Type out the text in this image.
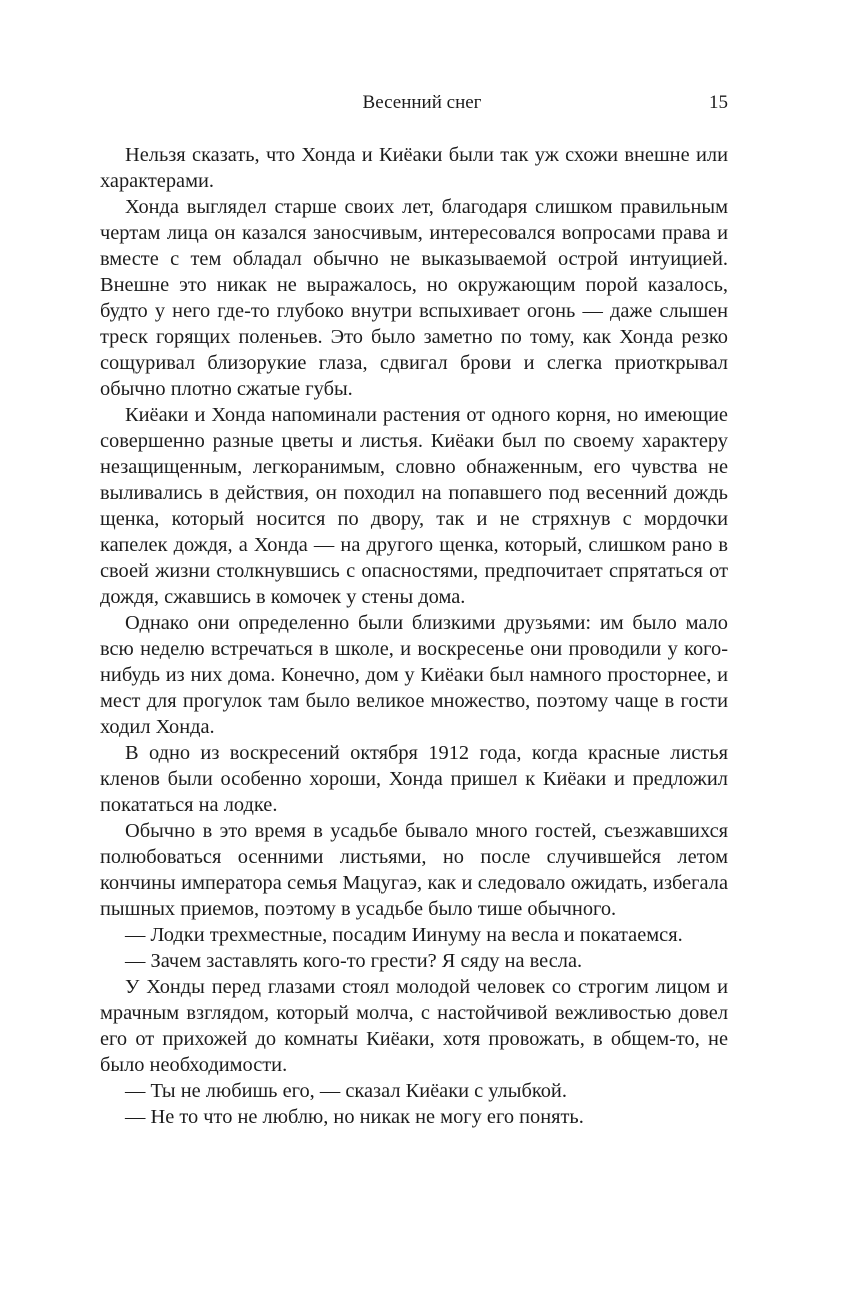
Весенний снег	15

Нельзя сказать, что Хонда и Киёаки были так уж схожи внешне или характерами.

Хонда выглядел старше своих лет, благодаря слишком правильным чертам лица он казался заносчивым, интересовался вопросами права и вместе с тем обладал обычно не выказываемой острой интуицией. Внешне это никак не выражалось, но окружающим порой казалось, будто у него где-то глубоко внутри вспыхивает огонь — даже слышен треск горящих поленьев. Это было заметно по тому, как Хонда резко сощуривал близорукие глаза, сдвигал брови и слегка приоткрывал обычно плотно сжатые губы.

Киёаки и Хонда напоминали растения от одного корня, но имеющие совершенно разные цветы и листья. Киёаки был по своему характеру незащищенным, легкоранимым, словно обнаженным, его чувства не выливались в действия, он походил на попавшего под весенний дождь щенка, который носится по двору, так и не стряхнув с мордочки капелек дождя, а Хонда — на другого щенка, который, слишком рано в своей жизни столкнувшись с опасностями, предпочитает спрятаться от дождя, сжавшись в комочек у стены дома.

Однако они определенно были близкими друзьями: им было мало всю неделю встречаться в школе, и воскресенье они проводили у кого-нибудь из них дома. Конечно, дом у Киёаки был намного просторнее, и мест для прогулок там было великое множество, поэтому чаще в гости ходил Хонда.

В одно из воскресений октября 1912 года, когда красные листья кленов были особенно хороши, Хонда пришел к Киёаки и предложил покататься на лодке.

Обычно в это время в усадьбе бывало много гостей, съезжавшихся полюбоваться осенними листьями, но после случившейся летом кончины императора семья Мацугаэ, как и следовало ожидать, избегала пышных приемов, поэтому в усадьбе было тише обычного.

— Лодки трехместные, посадим Иинуму на весла и покатаемся.

— Зачем заставлять кого-то грести? Я сяду на весла.

У Хонды перед глазами стоял молодой человек со строгим лицом и мрачным взглядом, который молча, с настойчивой вежливостью довел его от прихожей до комнаты Киёаки, хотя провожать, в общем-то, не было необходимости.

— Ты не любишь его, — сказал Киёаки с улыбкой.

— Не то что не люблю, но никак не могу его понять.
